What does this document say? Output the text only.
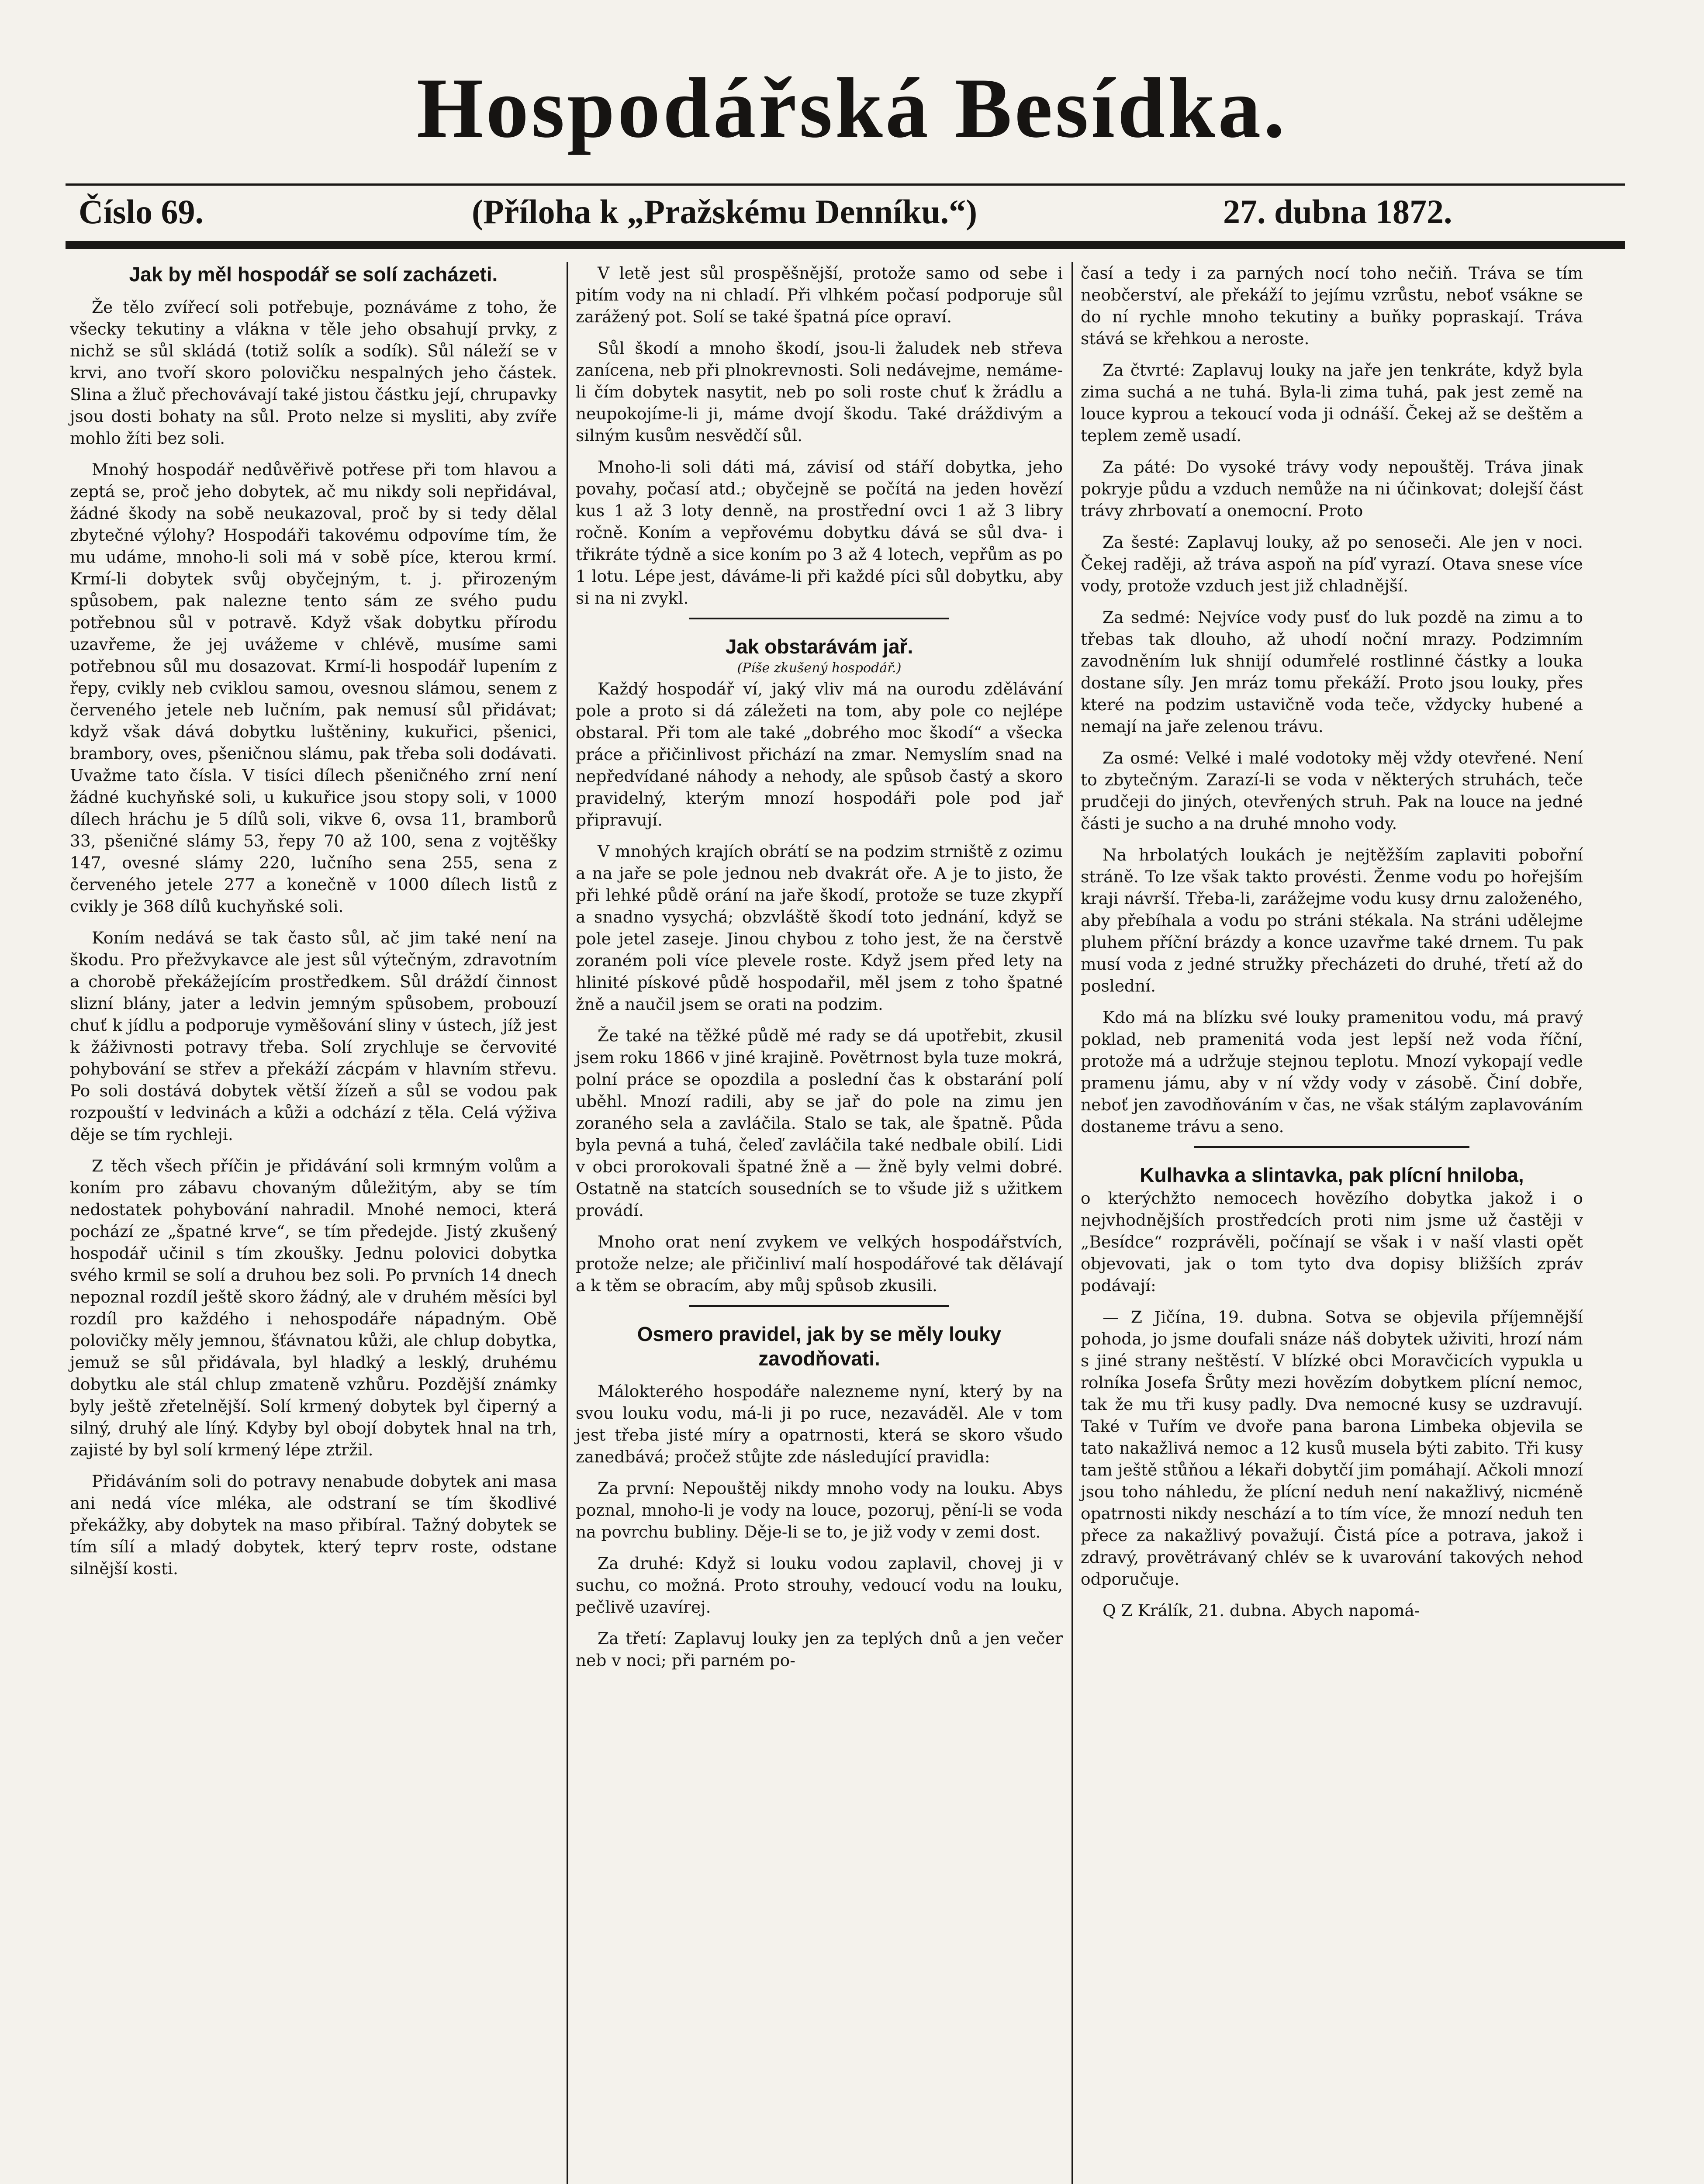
Hospodářská Besídka.
Číslo 69.	(Příloha k „Pražskému Denníku.“)	27. dubna 1872.
Jak by měl hospodář se solí zacházeti.

Že tělo zvířecí soli potřebuje, poznáváme z toho, že všecky tekutiny a vlákna v těle jeho obsahují prvky, z nichž se sůl skládá (totiž solík a sodík). Sůl náleží se v krvi, ano tvoří skoro polovičku nespalných jeho částek. Slina a žluč přechovávají také jistou částku její, chrupavky jsou dosti bohaty na sůl. Proto nelze si mysliti, aby zvíře mohlo žíti bez soli.

Mnohý hospodář nedůvěřivě potřese při tom hlavou a zeptá se, proč jeho dobytek, ač mu nikdy soli nepřidával, žádné škody na sobě neukazoval, proč by si tedy dělal zbytečné výlohy? Hospodáři takovému odpovíme tím, že mu udáme, mnoho-li soli má v sobě píce, kterou krmí. Krmí-li dobytek svůj obyčejným, t. j. přirozeným spůsobem, pak nalezne tento sám ze svého pudu potřebnou sůl v potravě. Když však dobytku přírodu uzavřeme, že jej uvážeme v chlévě, musíme sami potřebnou sůl mu dosazovat. Krmí-li hospodář lupením z řepy, cvikly neb cviklou samou, ovesnou slámou, senem z červeného jetele neb lučním, pak nemusí sůl přidávat; když však dává dobytku luštěniny, kukuřici, pšenici, brambory, oves, pšeničnou slámu, pak třeba soli dodávati. Uvažme tato čísla. V tisíci dílech pšeničného zrní není žádné kuchyňské soli, u kukuřice jsou stopy soli, v 1000 dílech hráchu je 5 dílů soli, vikve 6, ovsa 11, bramborů 33, pšeničné slámy 53, řepy 70 až 100, sena z vojtěšky 147, ovesné slámy 220, lučního sena 255, sena z červeného jetele 277 a konečně v 1000 dílech listů z cvikly je 368 dílů kuchyňské soli.

Koním nedává se tak často sůl, ač jim také není na škodu. Pro přežvykavce ale jest sůl výtečným, zdravotním a chorobě překážejícím prostředkem. Sůl dráždí činnost slizní blány, jater a ledvin jemným spůsobem, probouzí chuť k jídlu a podporuje vyměšování sliny v ústech, jíž jest k žáživnosti potravy třeba. Solí zrychluje se červovité pohybování se střev a překáží zácpám v hlavním střevu. Po soli dostává dobytek větší žízeň a sůl se vodou pak rozpouští v ledvinách a kůži a odchází z těla. Celá výživa děje se tím rychleji.

Z těch všech příčin je přidávání soli krmným volům a koním pro zábavu chovaným důležitým, aby se tím nedostatek pohybování nahradil. Mnohé nemoci, která pochází ze „špatné krve“, se tím předejde. Jistý zkušený hospodář učinil s tím zkoušky. Jednu polovici dobytka svého krmil se solí a druhou bez soli. Po prvních 14 dnech nepoznal rozdíl ještě skoro žádný, ale v druhém měsíci byl rozdíl pro každého i nehospodáře nápadným. Obě polovičky měly jemnou, šťávnatou kůži, ale chlup dobytka, jemuž se sůl přidávala, byl hladký a lesklý, druhému dobytku ale stál chlup zmateně vzhůru. Pozdější známky byly ještě zřetelnější. Solí krmený dobytek byl čiperný a silný, druhý ale líný. Kdyby byl obojí dobytek hnal na trh, zajisté by byl solí krmený lépe ztržil.

Přidáváním soli do potravy nenabude dobytek ani masa ani nedá více mléka, ale odstraní se tím škodlivé překážky, aby dobytek na maso přibíral. Tažný dobytek se tím sílí a mladý dobytek, který teprv roste, odstane silnější kosti.

V letě jest sůl prospěšnější, protože samo od sebe i pitím vody na ni chladí. Při vlhkém počasí podporuje sůl zarážený pot. Solí se také špatná píce opraví.

Sůl škodí a mnoho škodí, jsou-li žaludek neb střeva zanícena, neb při plnokrevnosti. Soli nedávejme, nemáme-li čím dobytek nasytit, neb po soli roste chuť k žrádlu a neupokojíme-li ji, máme dvojí škodu. Také dráždivým a silným kusům nesvědčí sůl.

Mnoho-li soli dáti má, závisí od stáří dobytka, jeho povahy, počasí atd.; obyčejně se počítá na jeden hovězí kus 1 až 3 loty denně, na prostřední ovci 1 až 3 libry ročně. Koním a vepřovému dobytku dává se sůl dva- i třikráte týdně a sice koním po 3 až 4 lotech, vepřům as po 1 lotu. Lépe jest, dáváme-li při každé píci sůl dobytku, aby si na ni zvykl.

Jak obstarávám jař.
(Píše zkušený hospodář.)

Každý hospodář ví, jaký vliv má na ourodu zdělávání pole a proto si dá záležeti na tom, aby pole co nejlépe obstaral. Při tom ale také „dobrého moc škodí“ a všecka práce a přičinlivost přichází na zmar. Nemyslím snad na nepředvídané náhody a nehody, ale spůsob častý a skoro pravidelný, kterým mnozí hospodáři pole pod jař připravují.

V mnohých krajích obrátí se na podzim strniště z ozimu a na jaře se pole jednou neb dvakrát oře. A je to jisto, že při lehké půdě orání na jaře škodí, protože se tuze zkypří a snadno vysychá; obzvláště škodí toto jednání, když se pole jetel zaseje. Jinou chybou z toho jest, že na čerstvě zoraném poli více plevele roste. Když jsem před lety na hlinité pískové půdě hospodařil, měl jsem z toho špatné žně a naučil jsem se orati na podzim.

Že také na těžké půdě mé rady se dá upotřebit, zkusil jsem roku 1866 v jiné krajině. Povětrnost byla tuze mokrá, polní práce se opozdila a poslední čas k obstarání polí uběhl. Mnozí radili, aby se jař do pole na zimu jen zoraného sela a zavláčila. Stalo se tak, ale špatně. Půda byla pevná a tuhá, čeleď zavláčila také nedbale obilí. Lidi v obci prorokovali špatné žně a — žně byly velmi dobré. Ostatně na statcích sousedních se to všude již s užitkem provádí.

Mnoho orat není zvykem ve velkých hospodářstvích, protože nelze; ale přičinliví malí hospodářové tak dělávají a k těm se obracím, aby můj spůsob zkusili.

Osmero pravidel, jak by se měly louky zavodňovati.

Málokterého hospodáře nalezneme nyní, který by na svou louku vodu, má-li ji po ruce, nezaváděl. Ale v tom jest třeba jisté míry a opatrnosti, která se skoro všudo zanedbává; pročež stůjte zde následující pravidla:

Za první: Nepouštěj nikdy mnoho vody na louku. Abys poznal, mnoho-li je vody na louce, pozoruj, pění-li se voda na povrchu bubliny. Děje-li se to, je již vody v zemi dost.

Za druhé: Když si louku vodou zaplavil, chovej ji v suchu, co možná. Proto strouhy, vedoucí vodu na louku, pečlivě uzavírej.

Za třetí: Zaplavuj louky jen za teplých dnů a jen večer neb v noci; při parném po-

časí a tedy i za parných nocí toho nečiň. Tráva se tím neobčerství, ale překáží to jejímu vzrůstu, neboť vsákne se do ní rychle mnoho tekutiny a buňky popraskají. Tráva stává se křehkou a neroste.

Za čtvrté: Zaplavuj louky na jaře jen tenkráte, když byla zima suchá a ne tuhá. Byla-li zima tuhá, pak jest země na louce kyprou a tekoucí voda ji odnáší. Čekej až se deštěm a teplem země usadí.

Za páté: Do vysoké trávy vody nepouštěj. Tráva jinak pokryje půdu a vzduch nemůže na ni účinkovat; dolejší část trávy zhrbovatí a onemocní. Proto

Za šesté: Zaplavuj louky, až po senoseči. Ale jen v noci. Čekej raději, až tráva aspoň na píď vyrazí. Otava snese více vody, protože vzduch jest již chladnější.

Za sedmé: Nejvíce vody pusť do luk pozdě na zimu a to třebas tak dlouho, až uhodí noční mrazy. Podzimním zavodněním luk shnijí odumřelé rostlinné částky a louka dostane síly. Jen mráz tomu překáží. Proto jsou louky, přes které na podzim ustavičně voda teče, vždycky hubené a nemají na jaře zelenou trávu.

Za osmé: Velké i malé vodotoky měj vždy otevřené. Není to zbytečným. Zarazí-li se voda v některých struhách, teče prudčeji do jiných, otevřených struh. Pak na louce na jedné části je sucho a na druhé mnoho vody.

Na hrbolatých loukách je nejtěžším zaplaviti pobořní stráně. To lze však takto provésti. Ženme vodu po hořejším kraji návrší. Třeba-li, zarážejme vodu kusy drnu založeného, aby přebíhala a vodu po stráni stékala. Na stráni udělejme pluhem příční brázdy a konce uzavřme také drnem. Tu pak musí voda z jedné stružky přecházeti do druhé, třetí až do poslední.

Kdo má na blízku své louky pramenitou vodu, má pravý poklad, neb pramenitá voda jest lepší než voda říční, protože má a udržuje stejnou teplotu. Mnozí vykopají vedle pramenu jámu, aby v ní vždy vody v zásobě. Činí dobře, neboť jen zavodňováním v čas, ne však stálým zaplavováním dostaneme trávu a seno.

Kulhavka a slintavka, pak plícní hniloba,

o kterýchžto nemocech hovězího dobytka jakož i o nejvhodnějších prostředcích proti nim jsme už častěji v „Besídce“ rozprávěli, počínají se však i v naší vlasti opět objevovati, jak o tom tyto dva dopisy bližších zpráv podávají:

— Z Jičína, 19. dubna. Sotva se objevila příjemnější pohoda, jo jsme doufali snáze náš dobytek uživiti, hrozí nám s jiné strany neštěstí. V blízké obci Moravčicích vypukla u rolníka Josefa Šrůty mezi hovězím dobytkem plícní nemoc, tak že mu tři kusy padly. Dva nemocné kusy se uzdravují. Také v Tuřím ve dvoře pana barona Limbeka objevila se tato nakažlivá nemoc a 12 kusů musela býti zabito. Tři kusy tam ještě stůňou a lékaři dobytčí jim pomáhají. Ačkoli mnozí jsou toho náhledu, že plícní neduh není nakažlivý, nicméně opatrnosti nikdy neschází a to tím více, že mnozí neduh ten přece za nakažlivý považují. Čistá píce a potrava, jakož i zdravý, provětrávaný chlév se k uvarování takových nehod odporučuje.

Q Z Králík, 21. dubna. Abych napomá-
